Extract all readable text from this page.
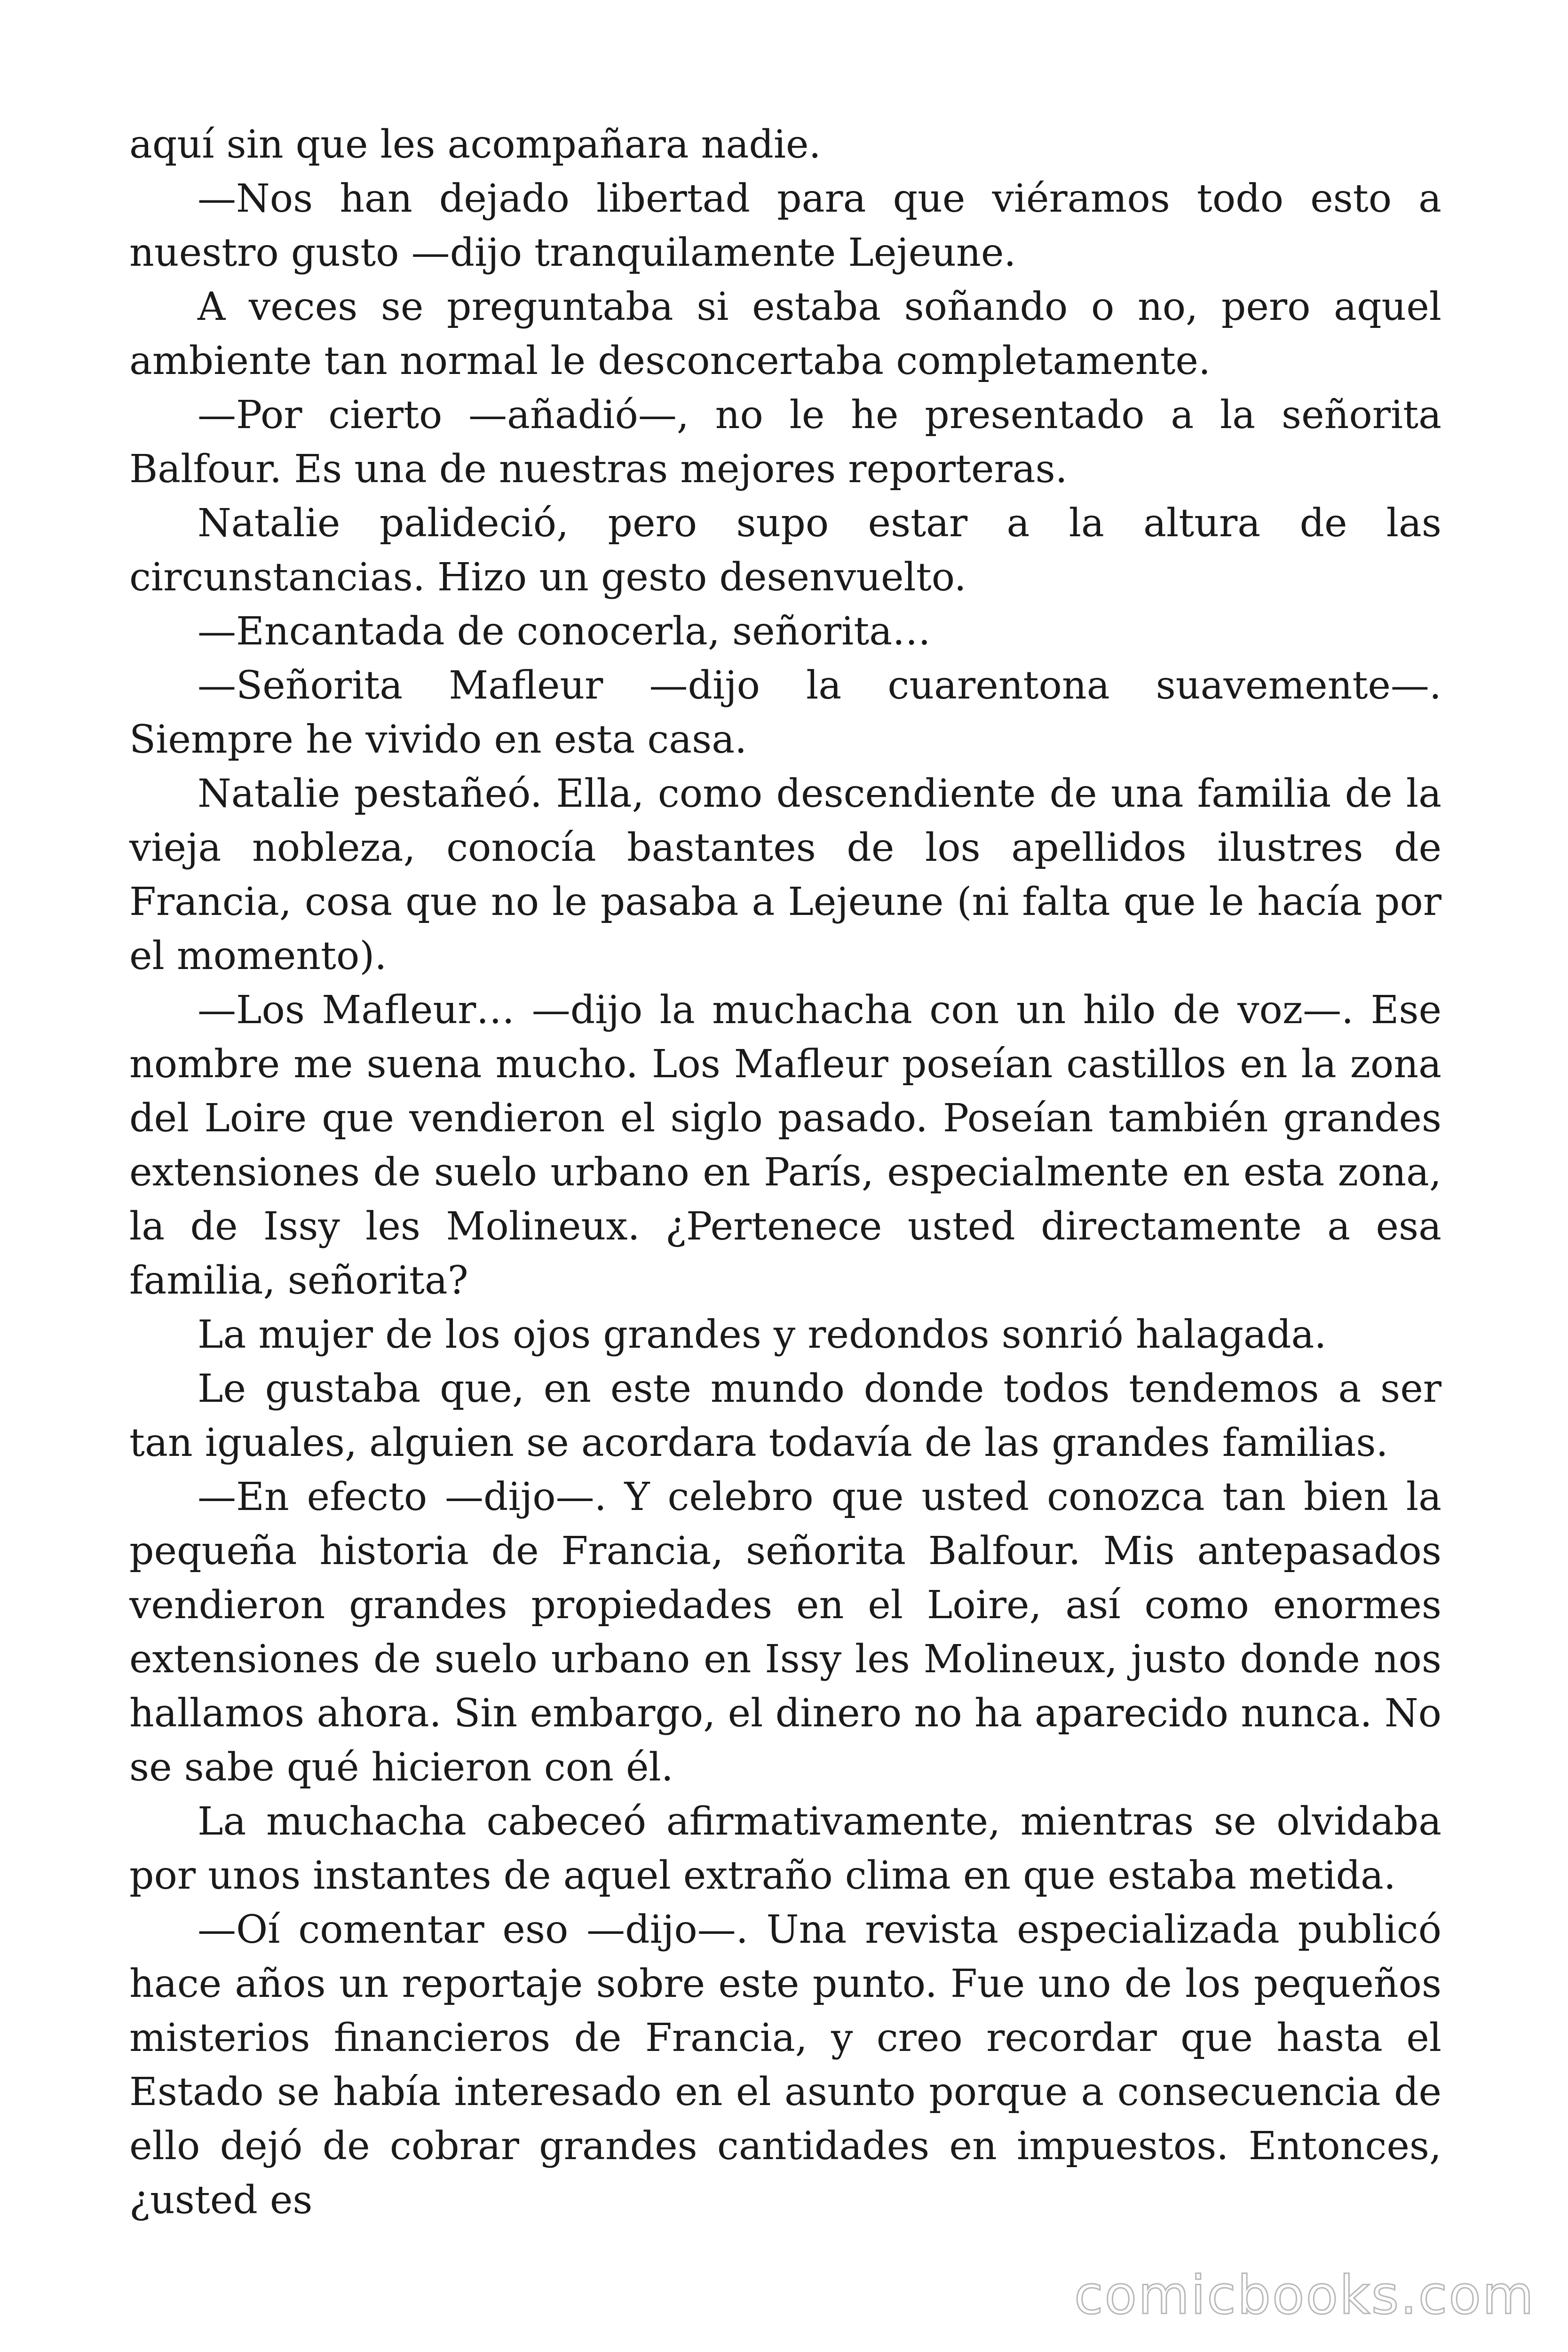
aquí sin que les acompañara nadie.

—Nos han dejado libertad para que viéramos todo esto a nuestro gusto —dijo tranquilamente Lejeune.

A veces se preguntaba si estaba soñando o no, pero aquel ambiente tan normal le desconcertaba completamente.

—Por cierto —añadió—, no le he presentado a la señorita Balfour. Es una de nuestras mejores reporteras.

Natalie palideció, pero supo estar a la altura de las circunstancias. Hizo un gesto desenvuelto.

—Encantada de conocerla, señorita…

—Señorita Mafleur —dijo la cuarentona suavemente—. Siempre he vivido en esta casa.

Natalie pestañeó. Ella, como descendiente de una familia de la vieja nobleza, conocía bastantes de los apellidos ilustres de Francia, cosa que no le pasaba a Lejeune (ni falta que le hacía por el momento).

—Los Mafleur… —dijo la muchacha con un hilo de voz—. Ese nombre me suena mucho. Los Mafleur poseían castillos en la zona del Loire que vendieron el siglo pasado. Poseían también grandes extensiones de suelo urbano en París, especialmente en esta zona, la de Issy les Molineux. ¿Pertenece usted directamente a esa familia, señorita?

La mujer de los ojos grandes y redondos sonrió halagada.

Le gustaba que, en este mundo donde todos tendemos a ser tan iguales, alguien se acordara todavía de las grandes familias.

—En efecto —dijo—. Y celebro que usted conozca tan bien la pequeña historia de Francia, señorita Balfour. Mis antepasados vendieron grandes propiedades en el Loire, así como enormes extensiones de suelo urbano en Issy les Molineux, justo donde nos hallamos ahora. Sin embargo, el dinero no ha aparecido nunca. No se sabe qué hicieron con él.

La muchacha cabeceó afirmativamente, mientras se olvidaba por unos instantes de aquel extraño clima en que estaba metida.

—Oí comentar eso —dijo—. Una revista especializada publicó hace años un reportaje sobre este punto. Fue uno de los pequeños misterios financieros de Francia, y creo recordar que hasta el Estado se había interesado en el asunto porque a consecuencia de ello dejó de cobrar grandes cantidades en impuestos. Entonces, ¿usted es

comicbooks.com
